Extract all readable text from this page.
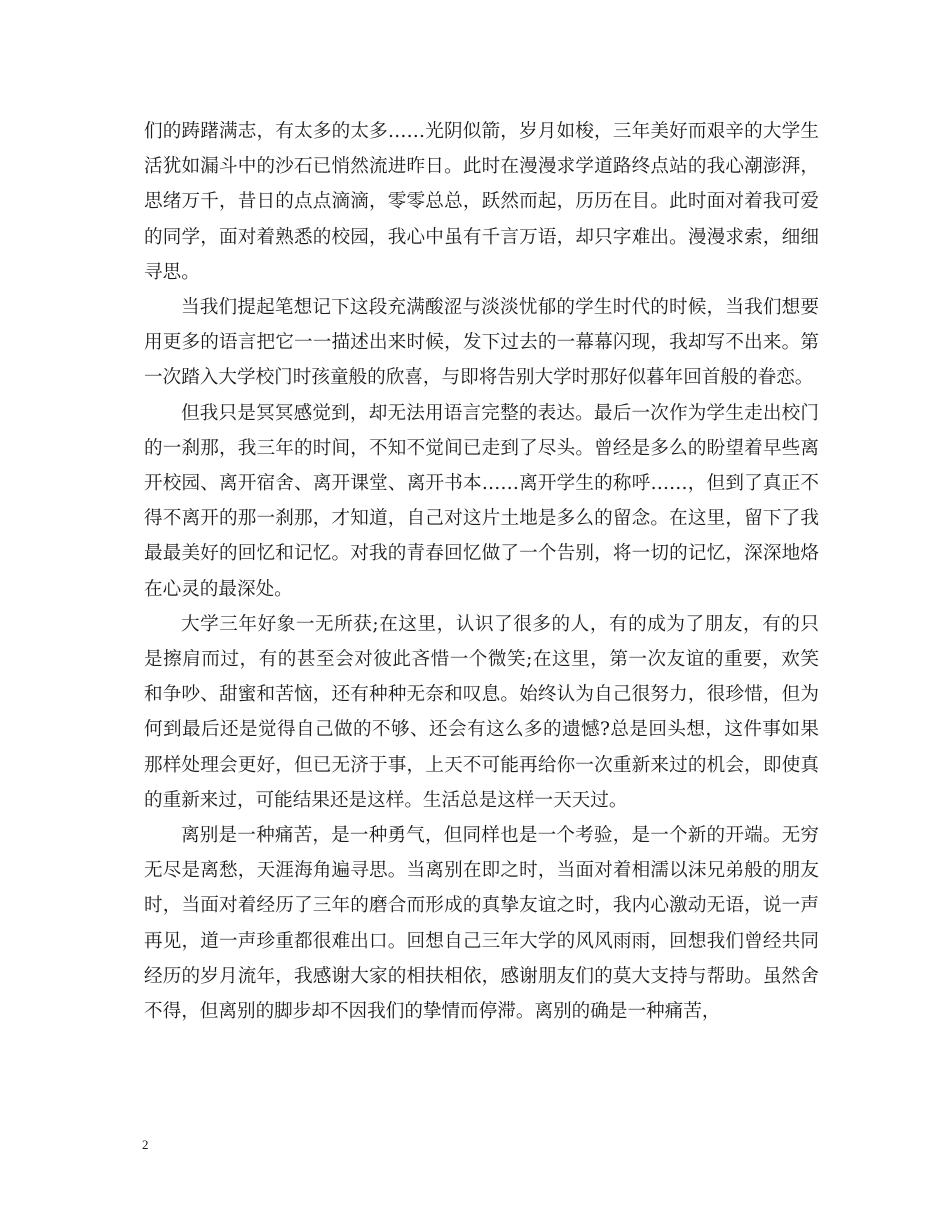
们的踌躇满志，有太多的太多……光阴似箭，岁月如梭，三年美好而艰辛的大学生活犹如漏斗中的沙石已悄然流进昨日。此时在漫漫求学道路终点站的我心潮澎湃，思绪万千，昔日的点点滴滴，零零总总，跃然而起，历历在目。此时面对着我可爱的同学，面对着熟悉的校园，我心中虽有千言万语，却只字难出。漫漫求索，细细寻思。

当我们提起笔想记下这段充满酸涩与淡淡忧郁的学生时代的时候，当我们想要用更多的语言把它一一描述出来时候，发下过去的一幕幕闪现，我却写不出来。第一次踏入大学校门时孩童般的欣喜，与即将告别大学时那好似暮年回首般的眷恋。

但我只是冥冥感觉到，却无法用语言完整的表达。最后一次作为学生走出校门的一刹那，我三年的时间，不知不觉间已走到了尽头。曾经是多么的盼望着早些离开校园、离开宿舍、离开课堂、离开书本……离开学生的称呼……，但到了真正不得不离开的那一刹那，才知道，自己对这片土地是多么的留念。在这里，留下了我最最美好的回忆和记忆。对我的青春回忆做了一个告别，将一切的记忆，深深地烙在心灵的最深处。

大学三年好象一无所获;在这里，认识了很多的人，有的成为了朋友，有的只是擦肩而过，有的甚至会对彼此吝惜一个微笑;在这里，第一次友谊的重要，欢笑和争吵、甜蜜和苦恼，还有种种无奈和叹息。始终认为自己很努力，很珍惜，但为何到最后还是觉得自己做的不够、还会有这么多的遗憾?总是回头想，这件事如果那样处理会更好，但已无济于事，上天不可能再给你一次重新来过的机会，即使真的重新来过，可能结果还是这样。生活总是这样一天天过。

离别是一种痛苦，是一种勇气，但同样也是一个考验，是一个新的开端。无穷无尽是离愁，天涯海角遍寻思。当离别在即之时，当面对着相濡以沫兄弟般的朋友时，当面对着经历了三年的磨合而形成的真挚友谊之时，我内心激动无语，说一声再见，道一声珍重都很难出口。回想自己三年大学的风风雨雨，回想我们曾经共同经历的岁月流年，我感谢大家的相扶相依，感谢朋友们的莫大支持与帮助。虽然舍不得，但离别的脚步却不因我们的挚情而停滞。离别的确是一种痛苦，

2
